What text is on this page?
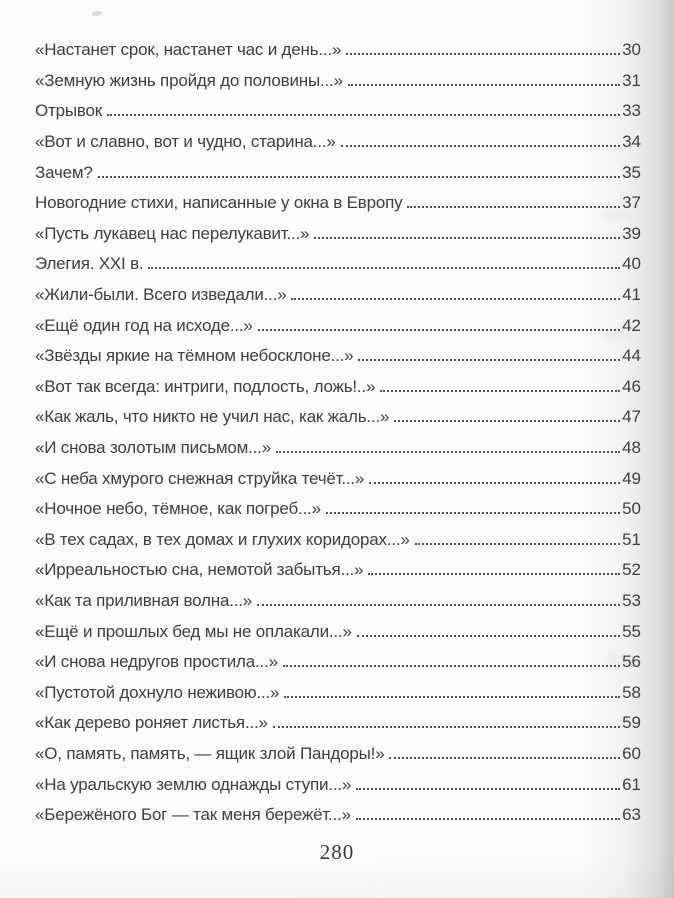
«Настанет срок, настанет час и день...»	30
«Земную жизнь пройдя до половины...»	31
Отрывок	33
«Вот и славно, вот и чудно, старина...»	34
Зачем?	35
Новогодние стихи, написанные у окна в Европу	37
«Пусть лукавец нас перелукавит...»	39
Элегия. XXI в.	40
«Жили-были. Всего изведали...»	41
«Ещё один год на исходе...»	42
«Звёзды яркие на тёмном небосклоне...»	44
«Вот так всегда: интриги, подлость, ложь!..»	46
«Как жаль, что никто не учил нас, как жаль...»	47
«И снова золотым письмом...»	48
«С неба хмурого снежная струйка течёт...»	49
«Ночное небо, тёмное, как погреб...»	50
«В тех садах, в тех домах и глухих коридорах...»	51
«Ирреальностью сна, немотой забытья...»	52
«Как та приливная волна...»	53
«Ещё и прошлых бед мы не оплакали...»	55
«И снова недругов простила...»	56
«Пустотой дохнуло неживою...»	58
«Как дерево роняет листья...»	59
«О, память, память, — ящик злой Пандоры!»	60
«На уральскую землю однажды ступи...»	61
«Бережёного Бог — так меня бережёт...»	63
280
